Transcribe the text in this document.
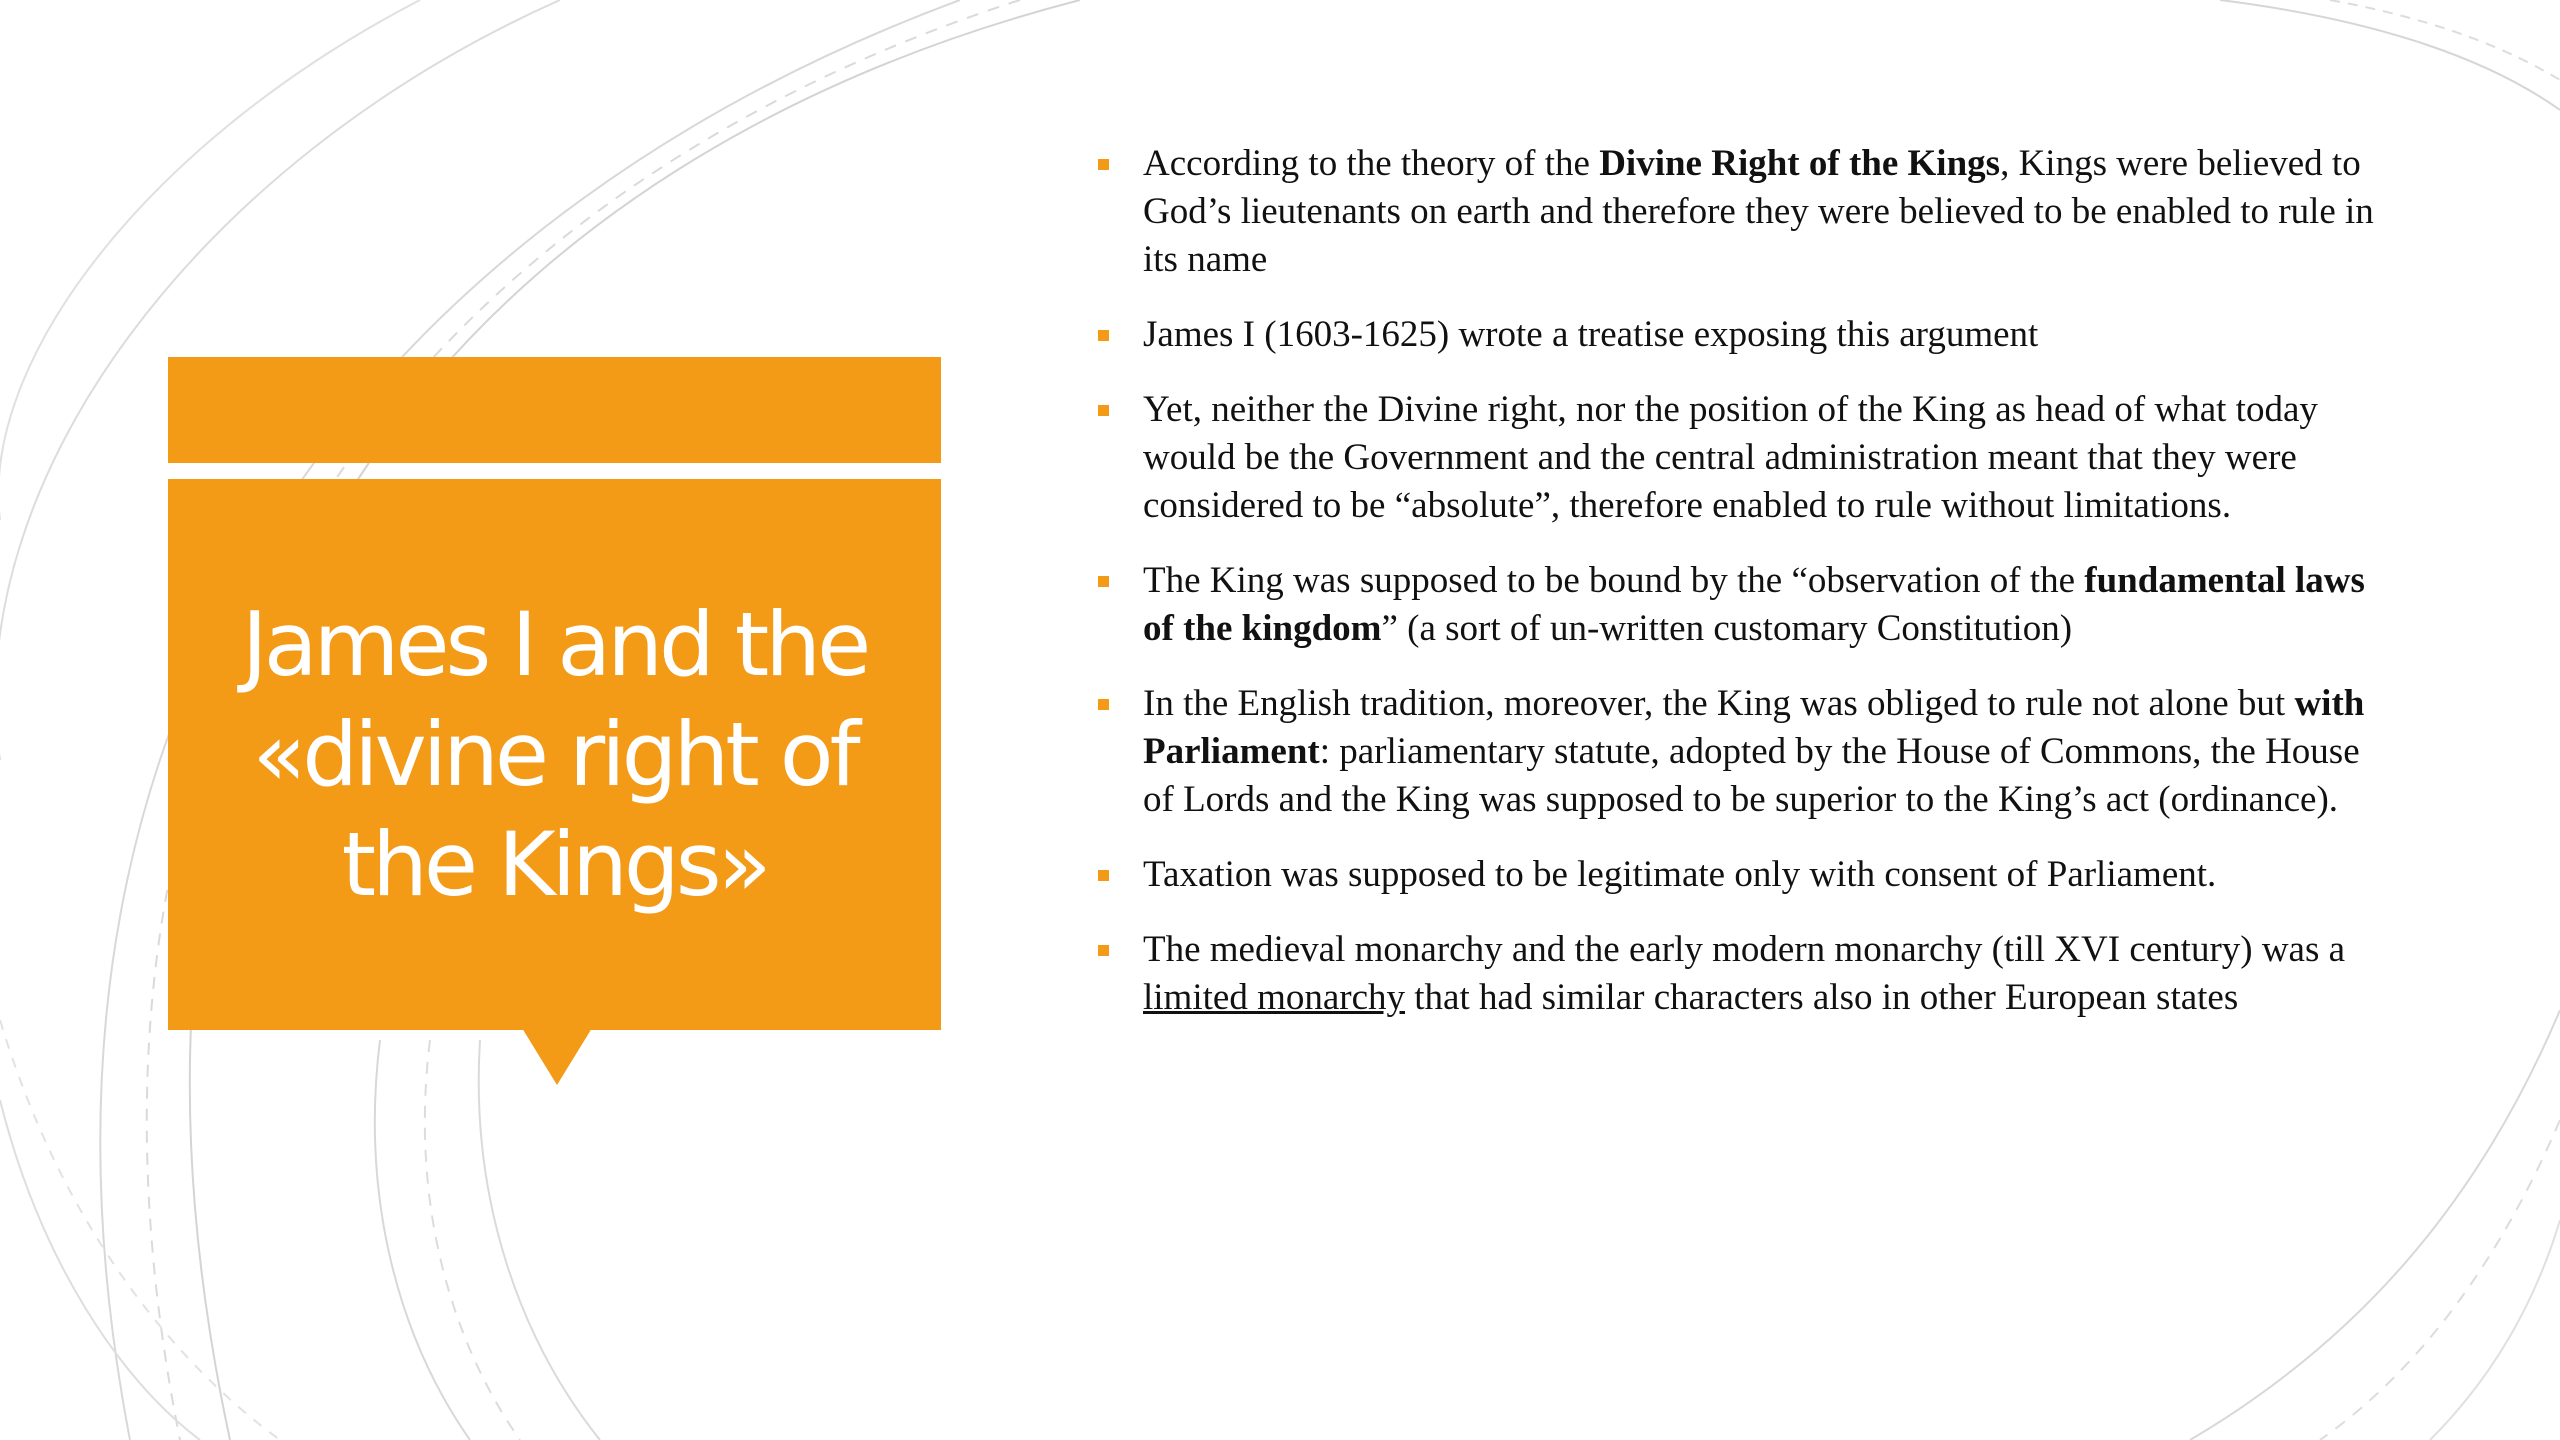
James I and the «divine right of the Kings»
According to the theory of the Divine Right of the Kings, Kings were believed to God’s lieutenants on earth and therefore they were believed to be enabled to rule in its name
James I (1603-1625) wrote a treatise exposing this argument
Yet, neither the Divine right, nor the position of the King as head of what today would be the Government and the central administration meant that they were considered to be “absolute”, therefore enabled to rule without limitations.
The King was supposed to be bound by the “observation of the fundamental laws of the kingdom” (a sort of un-written customary Constitution)
In the English tradition, moreover, the King was obliged to rule not alone but with Parliament: parliamentary statute, adopted by the House of Commons, the House of Lords and the King was supposed to be superior to the King’s act (ordinance).
Taxation was supposed to be legitimate only with consent of Parliament.
The medieval monarchy and the early modern monarchy (till XVI century) was a limited monarchy that had similar characters also in other European states
